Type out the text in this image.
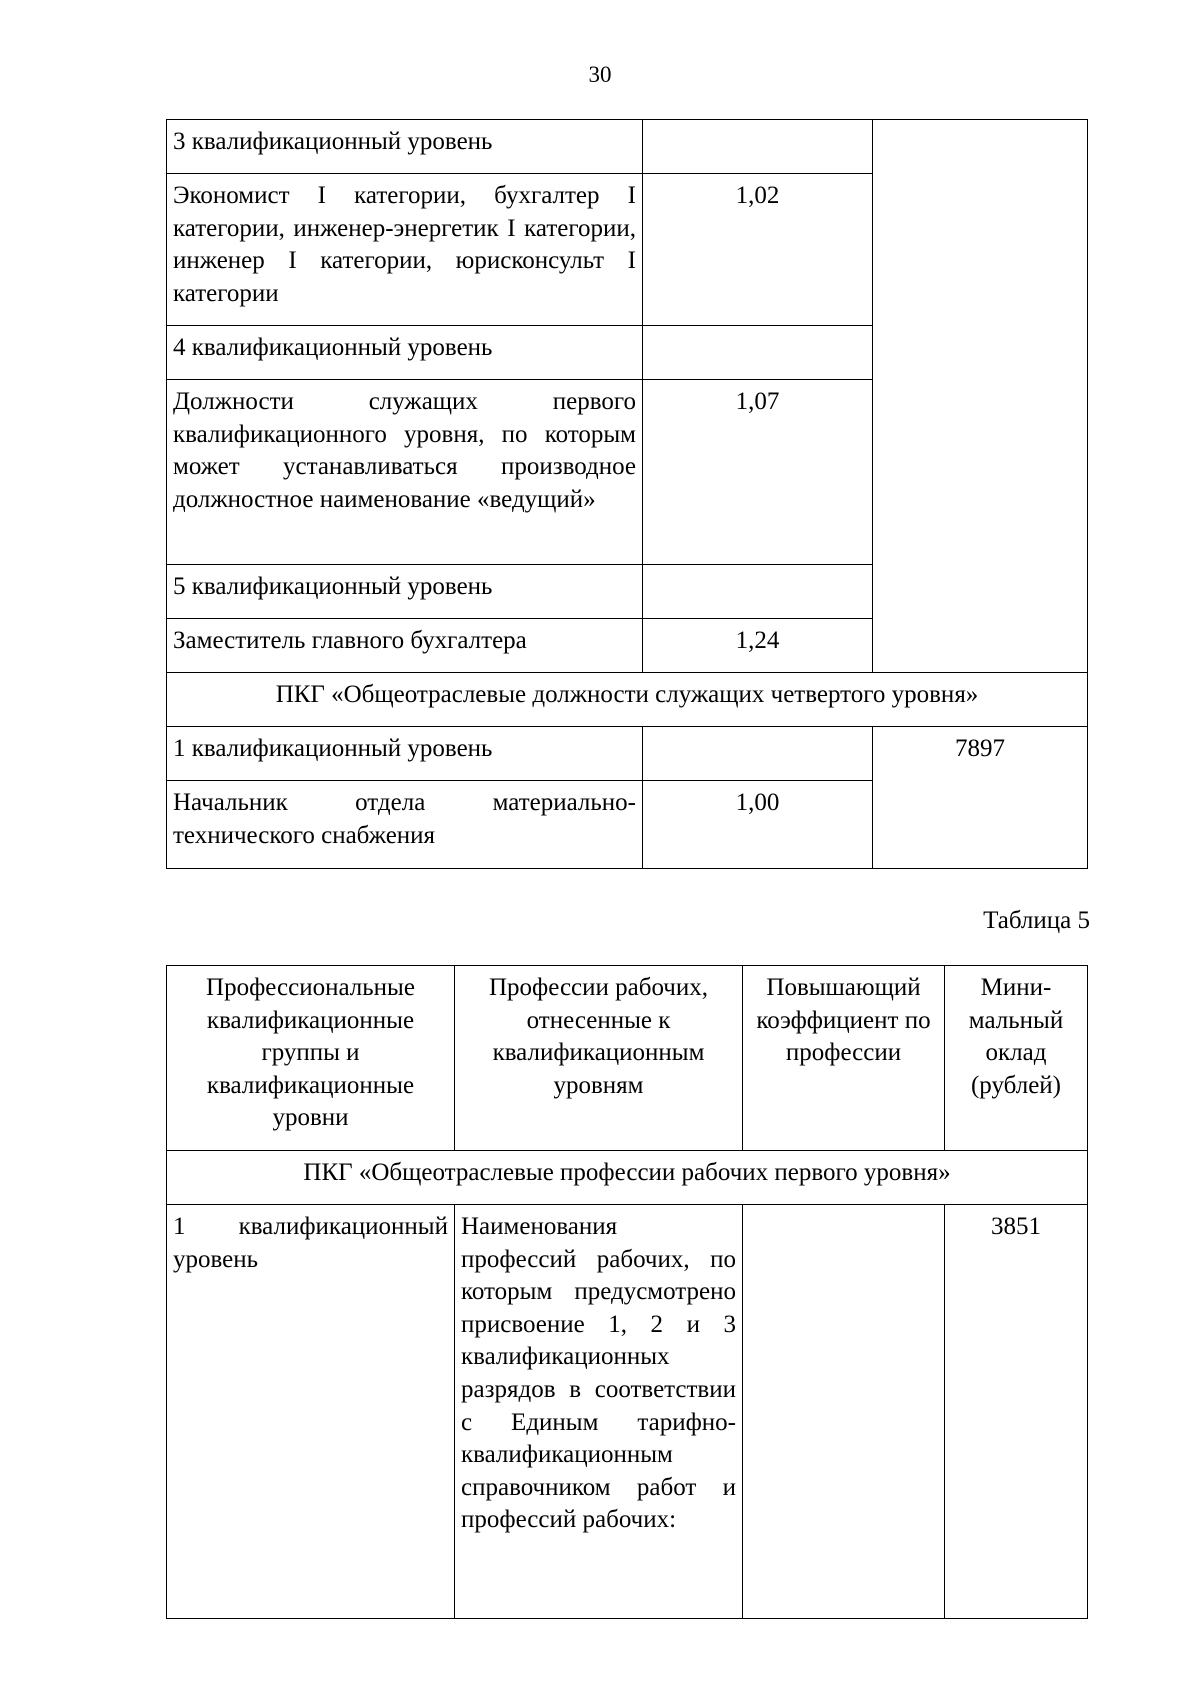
30
3 квалификационный уровень		
Экономист I категории, бухгалтер I категории, инженер-энергетик I категории, инженер I категории, юрисконсульт I категории	1,02	
4 квалификационный уровень		
Должности служащих первого квалификационного уровня, по которым может устанавливаться производное должностное наименование «ведущий»	1,07	
5 квалификационный уровень		
Заместитель главного бухгалтера	1,24	
ПКГ «Общеотраслевые должности служащих четвертого уровня»		
1 квалификационный уровень		7897
Начальник отдела материально-технического снабжения	1,00	
Таблица 5
Профессиональные квалификационные группы и квалификационные уровни	Профессии рабочих, отнесенные к квалификационным уровням	Повышающий коэффициент по профессии	Мини-мальный оклад (рублей)
ПКГ «Общеотраслевые профессии рабочих первого уровня»			
1 квалификационный уровень	Наименования профессий рабочих, по которым предусмотрено присвоение 1, 2 и 3 квалификационных разрядов в соответствии с Единым тарифно-квалификационным справочником работ и профессий рабочих:		3851
